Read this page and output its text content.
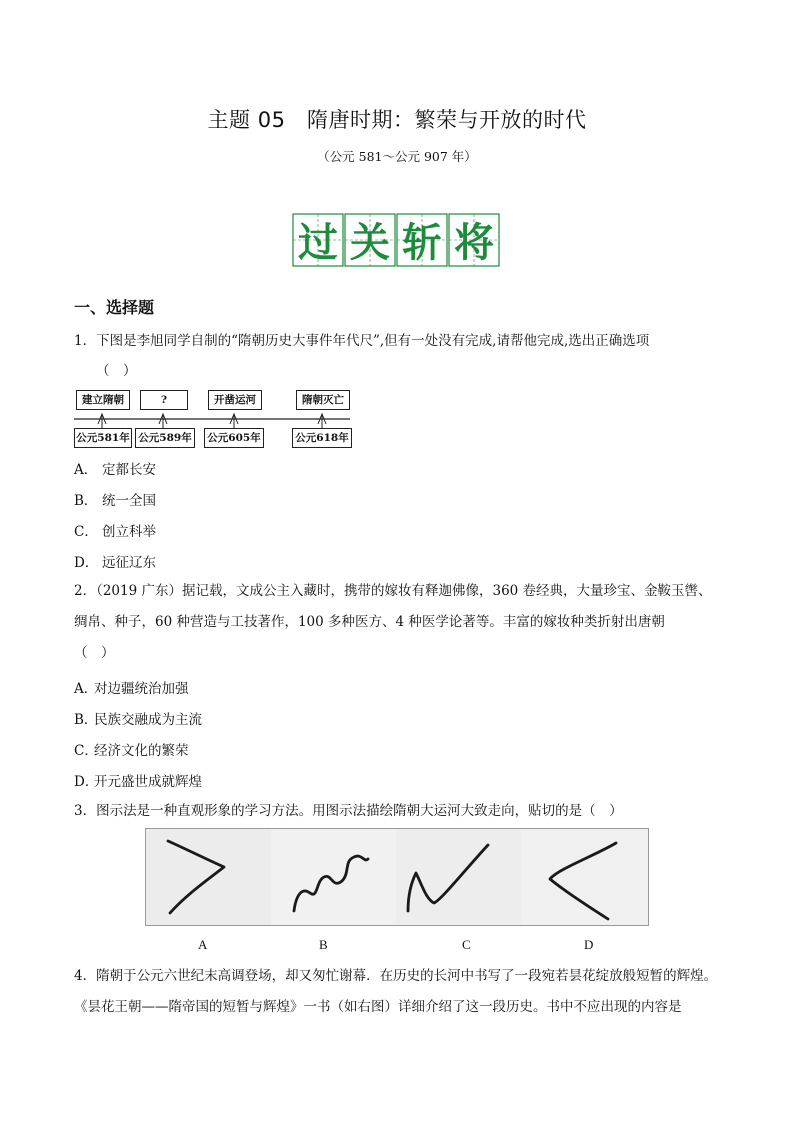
主题 05　隋唐时期：繁荣与开放的时代
（公元 581～公元 907 年）
过 关 斩 将
一、选择题
1．下图是李旭同学自制的“隋朝历史大事件年代尺”,但有一处没有完成,请帮他完成,选出正确选项
（　）
建立隋朝	?	开凿运河	隋朝灭亡
公元581年 公元589年	公元605年	公元618年
A． 定都长安
B． 统一全国
C． 创立科举
D． 远征辽东
2．（2019 广东）据记载，文成公主入藏时，携带的嫁妆有释迦佛像，360 卷经典，大量珍宝、金鞍玉辔、
绸帛、种子，60 种营造与工技著作，100 多种医方、4 种医学论著等。丰富的嫁妆种类折射出唐朝
（　）
A．对边疆统治加强
B．民族交融成为主流
C．经济文化的繁荣
D．开元盛世成就辉煌
3．图示法是一种直观形象的学习方法。用图示法描绘隋朝大运河大致走向，贴切的是（　）
A	B	C	D
4．隋朝于公元六世纪末高调登场，却又匆忙谢幕．在历史的长河中书写了一段宛若昙花绽放般短暂的辉煌。
《昙花王朝——隋帝国的短暂与辉煌》一书（如右图）详细介绍了这一段历史。书中不应出现的内容是
